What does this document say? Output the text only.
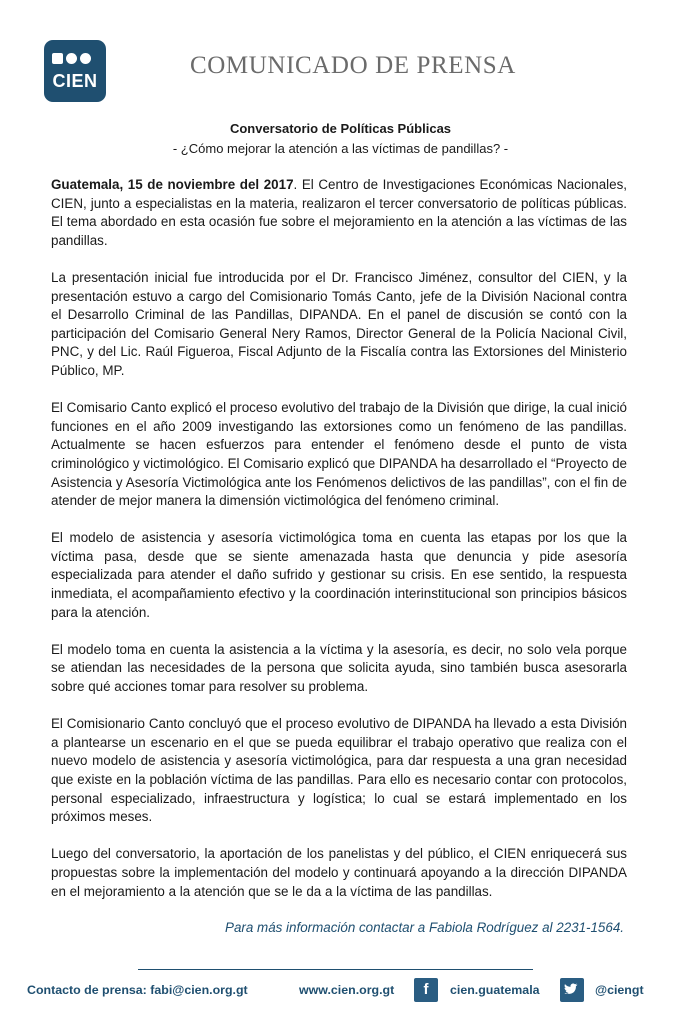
CIEN
COMUNICADO DE PRENSA
Conversatorio de Políticas Públicas
- ¿Cómo mejorar la atención a las víctimas de pandillas? -

Guatemala, 15 de noviembre del 2017. El Centro de Investigaciones Económicas Nacionales, CIEN, junto a especialistas en la materia, realizaron el tercer conversatorio de políticas públicas. El tema abordado en esta ocasión fue sobre el mejoramiento en la atención a las víctimas de las pandillas.

La presentación inicial fue introducida por el Dr. Francisco Jiménez, consultor del CIEN, y la presentación estuvo a cargo del Comisionario Tomás Canto, jefe de la División Nacional contra el Desarrollo Criminal de las Pandillas, DIPANDA. En el panel de discusión se contó con la participación del Comisario General Nery Ramos, Director General de la Policía Nacional Civil, PNC, y del Lic. Raúl Figueroa, Fiscal Adjunto de la Fiscalía contra las Extorsiones del Ministerio Público, MP.

El Comisario Canto explicó el proceso evolutivo del trabajo de la División que dirige, la cual inició funciones en el año 2009 investigando las extorsiones como un fenómeno de las pandillas. Actualmente se hacen esfuerzos para entender el fenómeno desde el punto de vista criminológico y victimológico. El Comisario explicó que DIPANDA ha desarrollado el “Proyecto de Asistencia y Asesoría Victimológica ante los Fenómenos delictivos de las pandillas”, con el fin de atender de mejor manera la dimensión victimológica del fenómeno criminal.

El modelo de asistencia y asesoría victimológica toma en cuenta las etapas por los que la víctima pasa, desde que se siente amenazada hasta que denuncia y pide asesoría especializada para atender el daño sufrido y gestionar su crisis. En ese sentido, la respuesta inmediata, el acompañamiento efectivo y la coordinación interinstitucional son principios básicos para la atención.

El modelo toma en cuenta la asistencia a la víctima y la asesoría, es decir, no solo vela porque se atiendan las necesidades de la persona que solicita ayuda, sino también busca asesorarla sobre qué acciones tomar para resolver su problema.

El Comisionario Canto concluyó que el proceso evolutivo de DIPANDA ha llevado a esta División a plantearse un escenario en el que se pueda equilibrar el trabajo operativo que realiza con el nuevo modelo de asistencia y asesoría victimológica, para dar respuesta a una gran necesidad que existe en la población víctima de las pandillas. Para ello es necesario contar con protocolos, personal especializado, infraestructura y logística; lo cual se estará implementado en los próximos meses.

Luego del conversatorio, la aportación de los panelistas y del público, el CIEN enriquecerá sus propuestas sobre la implementación del modelo y continuará apoyando a la dirección DIPANDA en el mejoramiento a la atención que se le da a la víctima de las pandillas.

Para más información contactar a Fabiola Rodríguez al 2231-1564.
Contacto de prensa: fabi@cien.org.gt	www.cien.org.gt	f	cien.guatemala	@ciengt
